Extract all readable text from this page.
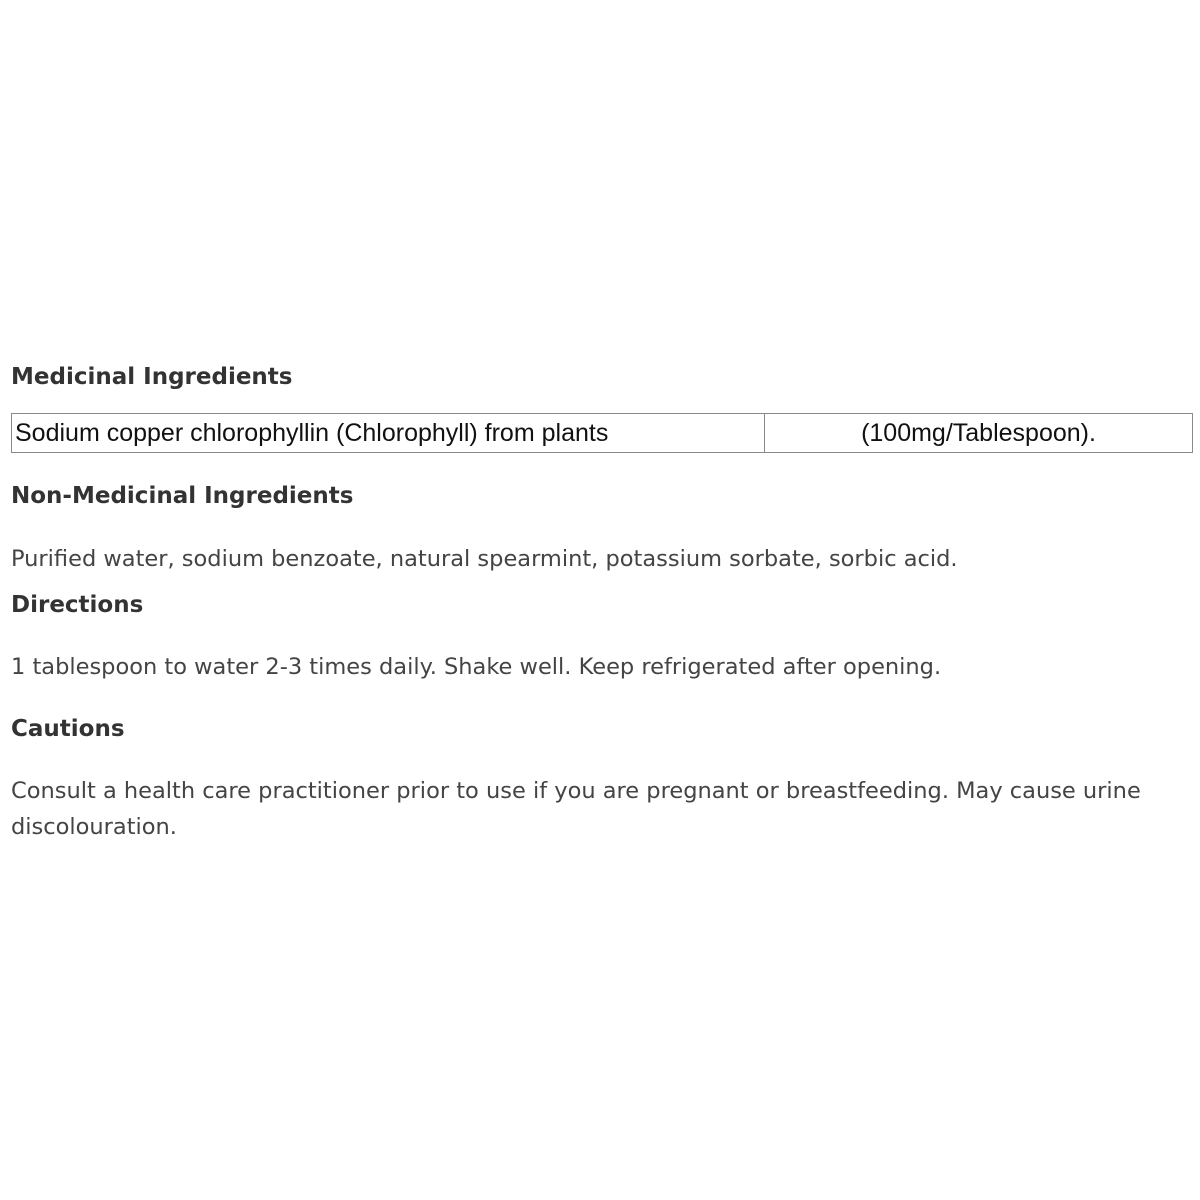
Medicinal Ingredients
Sodium copper chlorophyllin (Chlorophyll) from plants	(100mg/Tablespoon).
Non-Medicinal Ingredients

Purified water, sodium benzoate, natural spearmint, potassium sorbate, sorbic acid.

Directions

1 tablespoon to water 2-3 times daily. Shake well. Keep refrigerated after opening.

Cautions

Consult a health care practitioner prior to use if you are pregnant or breastfeeding. May cause urine discolouration.
